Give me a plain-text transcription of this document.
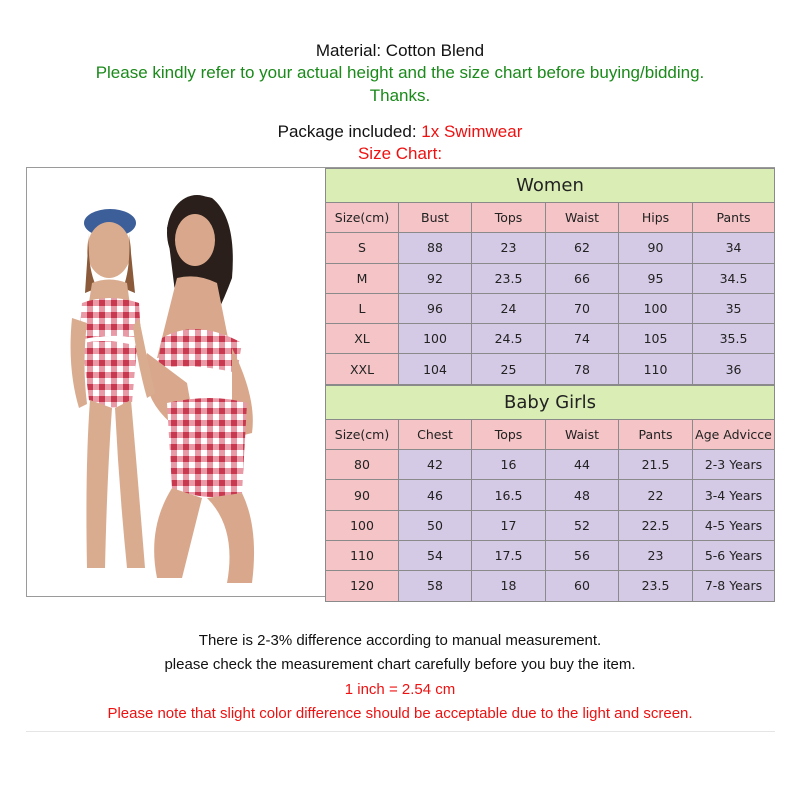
Material: Cotton Blend
Please kindly refer to your actual height and the size chart before buying/bidding.
Thanks.
Package included: 1x Swimwear
Size Chart:
Women					
Size(cm)	Bust	Tops	Waist	Hips	Pants
S	88	23	62	90	34
M	92	23.5	66	95	34.5
L	96	24	70	100	35
XL	100	24.5	74	105	35.5
XXL	104	25	78	110	36
Baby Girls					
Size(cm)	Chest	Tops	Waist	Pants	Age Advicce
80	42	16	44	21.5	2-3 Years
90	46	16.5	48	22	3-4 Years
100	50	17	52	22.5	4-5 Years
110	54	17.5	56	23	5-6 Years
120	58	18	60	23.5	7-8 Years
There is 2-3% difference according to manual measurement.
please check the measurement chart carefully before you buy the item.
1 inch = 2.54 cm
Please note that slight color difference should be acceptable due to the light and screen.
